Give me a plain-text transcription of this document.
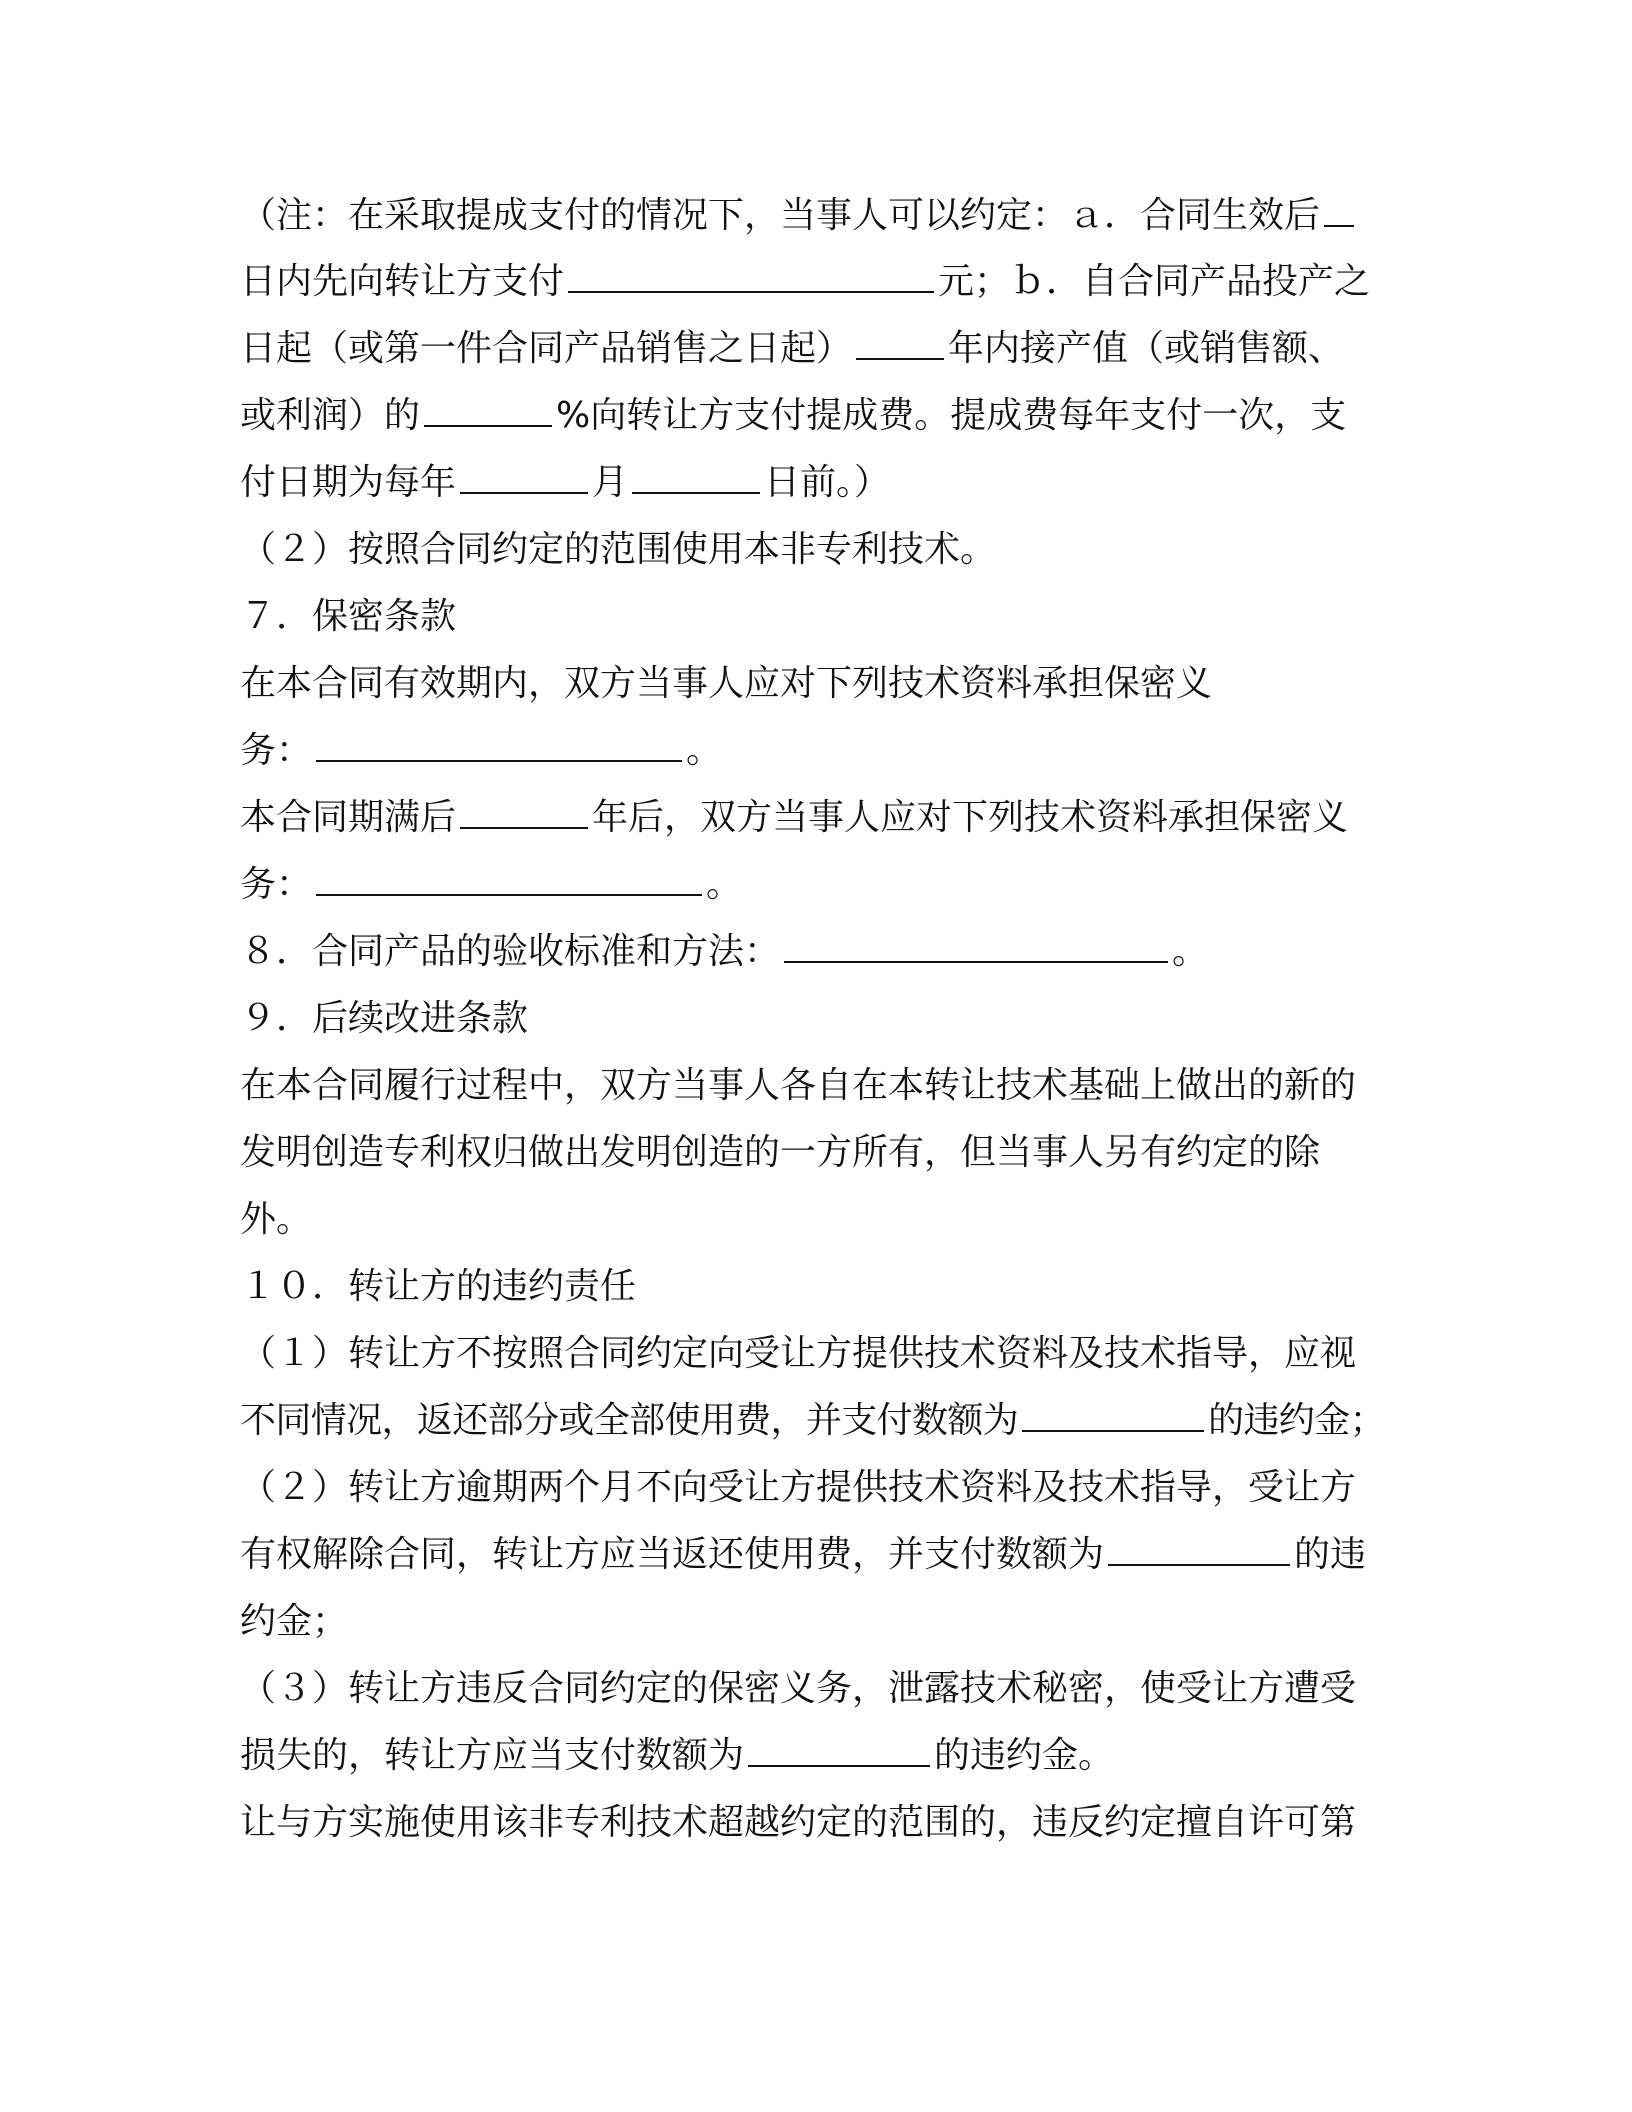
（注：在采取提成支付的情况下，当事人可以约定：ａ．合同生效后
日内先向转让方支付	元；ｂ．自合同产品投产之
日起（或第一件合同产品销售之日起）	年内接产值（或销售额、
或利润）的	%向转让方支付提成费。提成费每年支付一次，支
付日期为每年	月	日前。）
（２）按照合同约定的范围使用本非专利技术。
７．保密条款
在本合同有效期内，双方当事人应对下列技术资料承担保密义
务：	。
本合同期满后	年后，双方当事人应对下列技术资料承担保密义
务：	。
８．合同产品的验收标准和方法：	。
９．后续改进条款
在本合同履行过程中，双方当事人各自在本转让技术基础上做出的新的
发明创造专利权归做出发明创造的一方所有，但当事人另有约定的除
外。
１０．转让方的违约责任
（１）转让方不按照合同约定向受让方提供技术资料及技术指导，应视
不同情况，返还部分或全部使用费，并支付数额为	的违约金；
（２）转让方逾期两个月不向受让方提供技术资料及技术指导，受让方
有权解除合同，转让方应当返还使用费，并支付数额为	的违
约金；
（３）转让方违反合同约定的保密义务，泄露技术秘密，使受让方遭受
损失的，转让方应当支付数额为	的违约金。
让与方实施使用该非专利技术超越约定的范围的，违反约定擅自许可第
